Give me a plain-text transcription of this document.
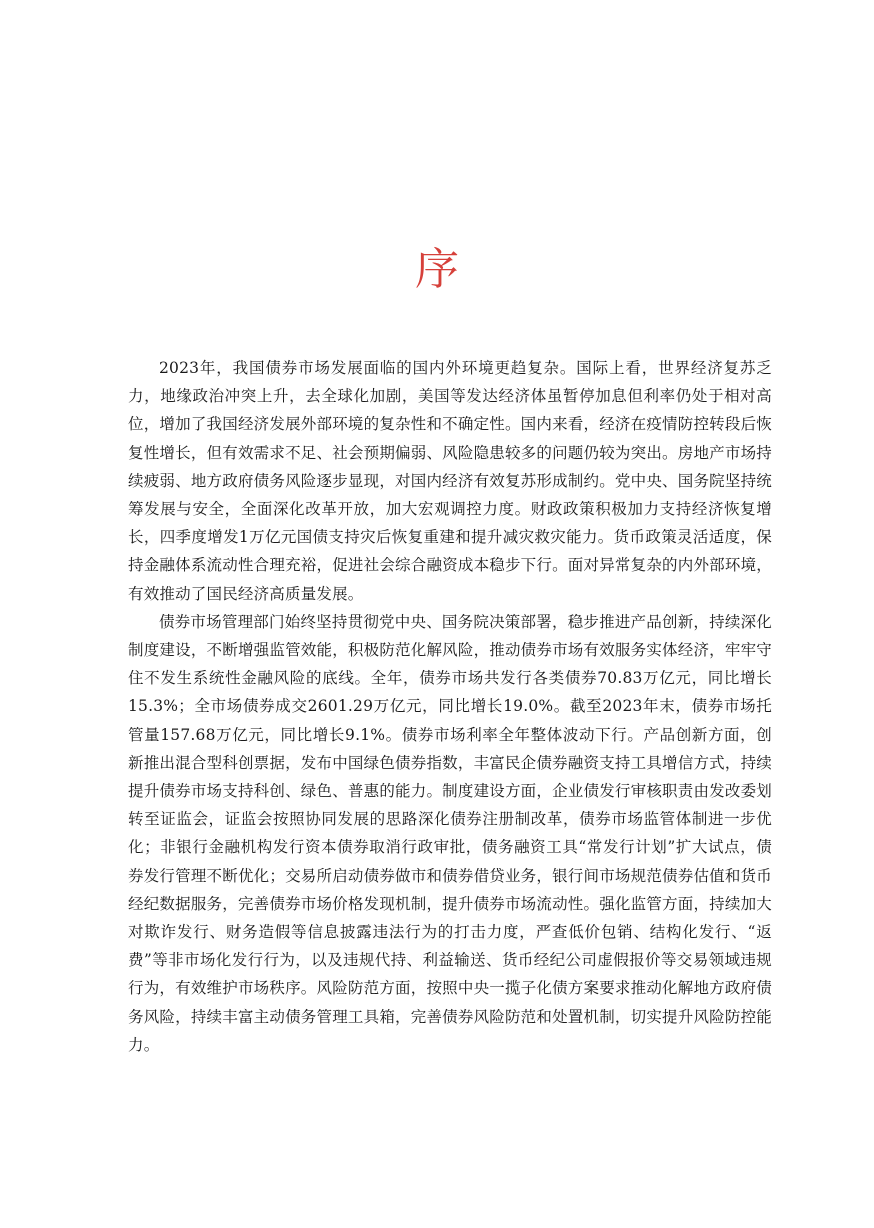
序

2023年，我国债券市场发展面临的国内外环境更趋复杂。国际上看，世界经济复苏乏力，地缘政治冲突上升，去全球化加剧，美国等发达经济体虽暂停加息但利率仍处于相对高位，增加了我国经济发展外部环境的复杂性和不确定性。国内来看，经济在疫情防控转段后恢复性增长，但有效需求不足、社会预期偏弱、风险隐患较多的问题仍较为突出。房地产市场持续疲弱、地方政府债务风险逐步显现，对国内经济有效复苏形成制约。党中央、国务院坚持统筹发展与安全，全面深化改革开放，加大宏观调控力度。财政政策积极加力支持经济恢复增长，四季度增发1万亿元国债支持灾后恢复重建和提升减灾救灾能力。货币政策灵活适度，保持金融体系流动性合理充裕，促进社会综合融资成本稳步下行。面对异常复杂的内外部环境，有效推动了国民经济高质量发展。

债券市场管理部门始终坚持贯彻党中央、国务院决策部署，稳步推进产品创新，持续深化制度建设，不断增强监管效能，积极防范化解风险，推动债券市场有效服务实体经济，牢牢守住不发生系统性金融风险的底线。全年，债券市场共发行各类债券70.83万亿元，同比增长15.3%；全市场债券成交2601.29万亿元，同比增长19.0%。截至2023年末，债券市场托管量157.68万亿元，同比增长9.1%。债券市场利率全年整体波动下行。产品创新方面，创新推出混合型科创票据，发布中国绿色债券指数，丰富民企债券融资支持工具增信方式，持续提升债券市场支持科创、绿色、普惠的能力。制度建设方面，企业债发行审核职责由发改委划转至证监会，证监会按照协同发展的思路深化债券注册制改革，债券市场监管体制进一步优化；非银行金融机构发行资本债券取消行政审批，债务融资工具“常发行计划”扩大试点，债券发行管理不断优化；交易所启动债券做市和债券借贷业务，银行间市场规范债券估值和货币经纪数据服务，完善债券市场价格发现机制，提升债券市场流动性。强化监管方面，持续加大对欺诈发行、财务造假等信息披露违法行为的打击力度，严查低价包销、结构化发行、“返费”等非市场化发行行为，以及违规代持、利益输送、货币经纪公司虚假报价等交易领域违规行为，有效维护市场秩序。风险防范方面，按照中央一揽子化债方案要求推动化解地方政府债务风险，持续丰富主动债务管理工具箱，完善债券风险防范和处置机制，切实提升风险防控能力。
